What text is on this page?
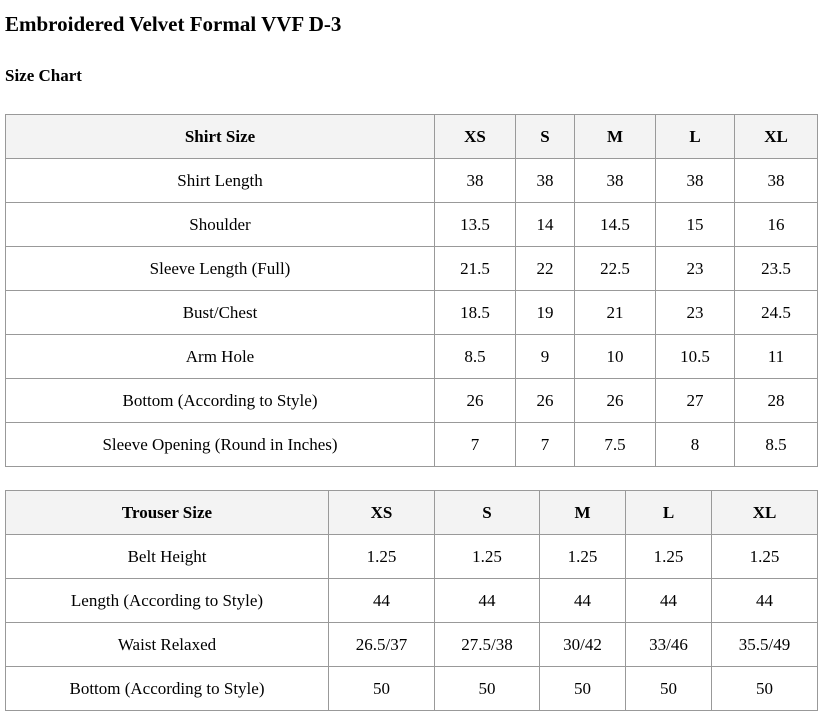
Embroidered Velvet Formal VVF D-3
Size Chart
Shirt Size	XS	S	M	L	XL
Shirt Length	38	38	38	38	38
Shoulder	13.5	14	14.5	15	16
Sleeve Length (Full)	21.5	22	22.5	23	23.5
Bust/Chest	18.5	19	21	23	24.5
Arm Hole	8.5	9	10	10.5	11
Bottom (According to Style)	26	26	26	27	28
Sleeve Opening (Round in Inches)	7	7	7.5	8	8.5
Trouser Size	XS	S	M	L	XL
Belt Height	1.25	1.25	1.25	1.25	1.25
Length (According to Style)	44	44	44	44	44
Waist Relaxed	26.5/37	27.5/38	30/42	33/46	35.5/49
Bottom (According to Style)	50	50	50	50	50
